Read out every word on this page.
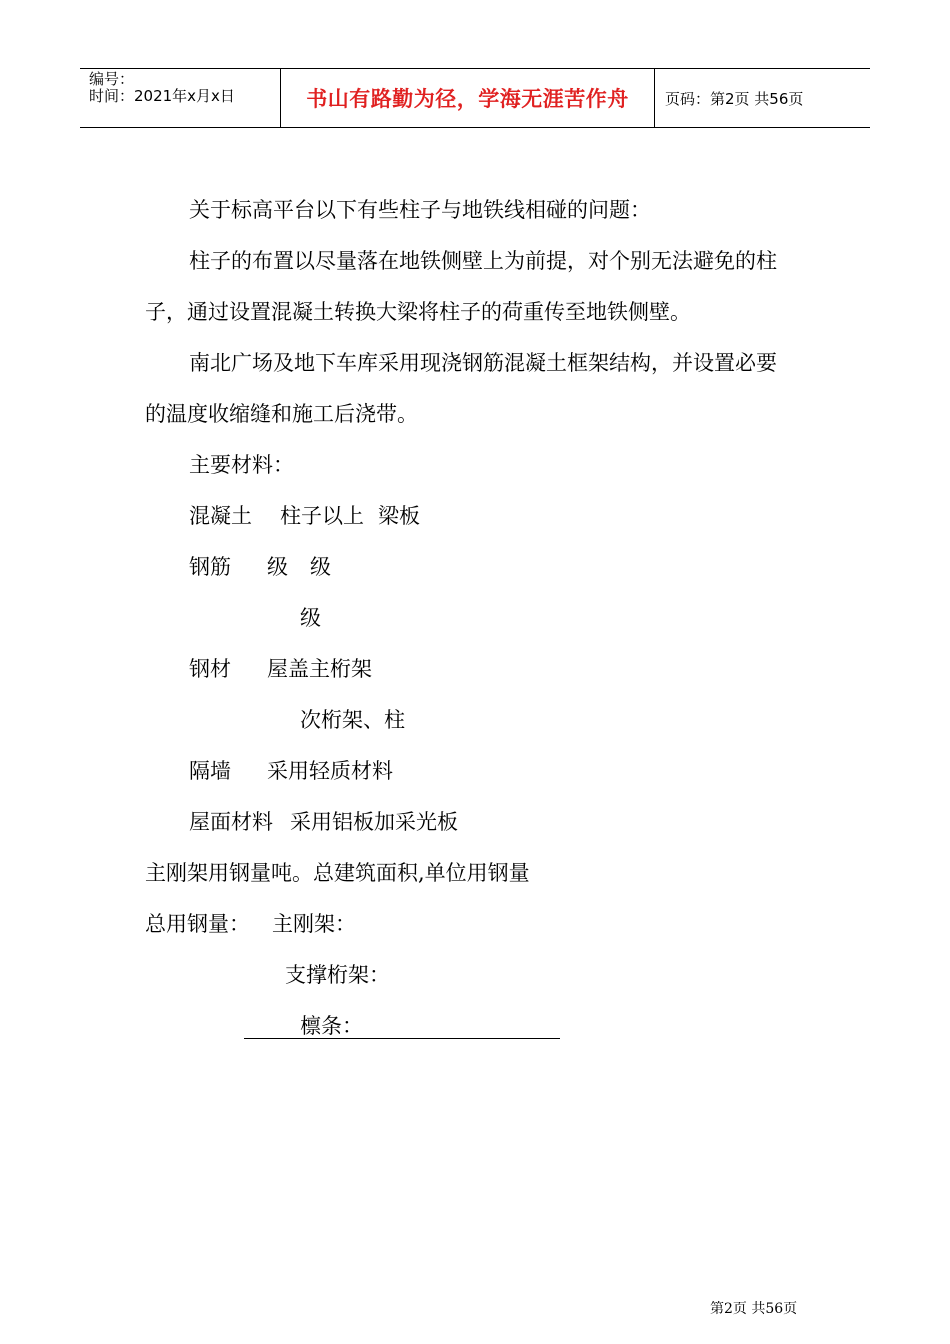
编号：
时间：2021年x月x日	书山有路勤为径，学海无涯苦作舟 页码：第2页 共56页
关于标高平台以下有些柱子与地铁线相碰的问题：
柱子的布置以尽量落在地铁侧壁上为前提，对个别无法避免的柱
子，通过设置混凝土转换大梁将柱子的荷重传至地铁侧壁。
南北广场及地下车库采用现浇钢筋混凝土框架结构，并设置必要
的温度收缩缝和施工后浇带。
主要材料：
混凝土 柱子以上 梁板
钢筋 级 级
级
钢材 屋盖主桁架
次桁架、柱
隔墙 采用轻质材料
屋面材料 采用铝板加采光板
主刚架用钢量吨。总建筑面积,单位用钢量
总用钢量： 主刚架：
支撑桁架：
檩条：
第2页 共56页
